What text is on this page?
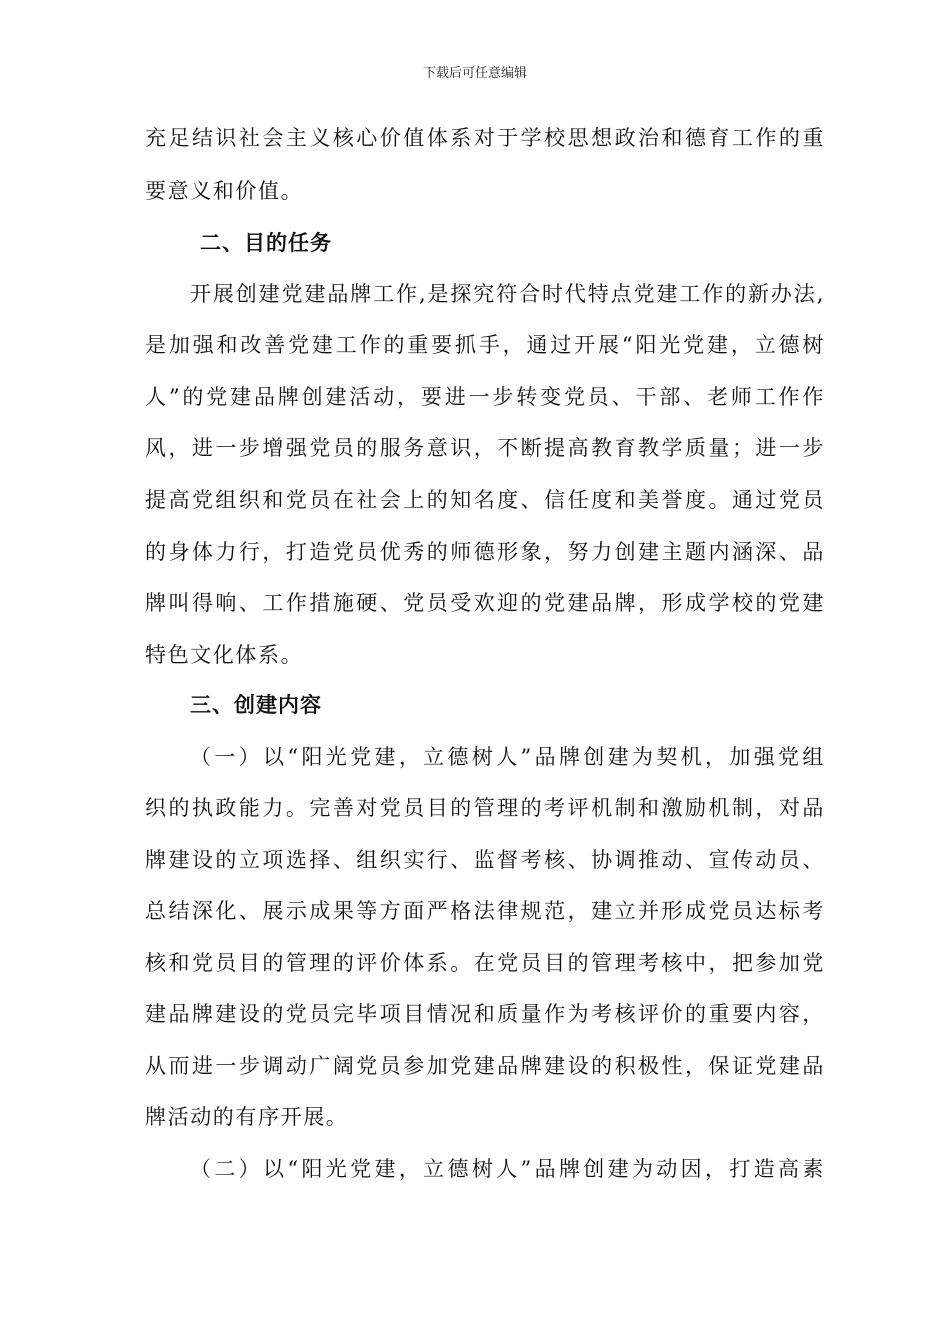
下载后可任意编辑
充足结识社会主义核心价值体系对于学校思想政治和德育工作的重
要意义和价值。
二、目的任务
开展创建党建品牌工作,是探究符合时代特点党建工作的新办法,
是加强和改善党建工作的重要抓手，通过开展“阳光党建，立德树
人”的党建品牌创建活动，要进一步转变党员、干部、老师工作作
风，进一步增强党员的服务意识，不断提高教育教学质量；进一步
提高党组织和党员在社会上的知名度、信任度和美誉度。通过党员
的身体力行，打造党员优秀的师德形象，努力创建主题内涵深、品
牌叫得响、工作措施硬、党员受欢迎的党建品牌，形成学校的党建
特色文化体系。
三、创建内容
（一）以“阳光党建，立德树人”品牌创建为契机，加强党组
织的执政能力。完善对党员目的管理的考评机制和激励机制，对品
牌建设的立项选择、组织实行、监督考核、协调推动、宣传动员、
总结深化、展示成果等方面严格法律规范，建立并形成党员达标考
核和党员目的管理的评价体系。在党员目的管理考核中，把参加党
建品牌建设的党员完毕项目情况和质量作为考核评价的重要内容，
从而进一步调动广阔党员参加党建品牌建设的积极性，保证党建品
牌活动的有序开展。
（二）以“阳光党建，立德树人”品牌创建为动因，打造高素
